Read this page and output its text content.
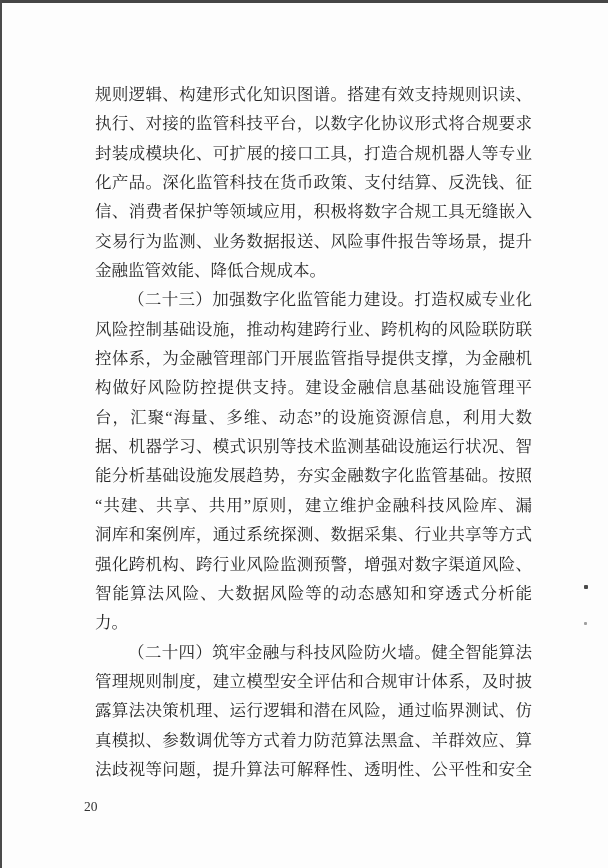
规则逻辑、构建形式化知识图谱。搭建有效支持规则识读、
执行、对接的监管科技平台，以数字化协议形式将合规要求
封装成模块化、可扩展的接口工具，打造合规机器人等专业
化产品。深化监管科技在货币政策、支付结算、反洗钱、征
信、消费者保护等领域应用，积极将数字合规工具无缝嵌入
交易行为监测、业务数据报送、风险事件报告等场景，提升
金融监管效能、降低合规成本。
（二十三）加强数字化监管能力建设。打造权威专业化
风险控制基础设施，推动构建跨行业、跨机构的风险联防联
控体系，为金融管理部门开展监管指导提供支撑，为金融机
构做好风险防控提供支持。建设金融信息基础设施管理平
台，汇聚“海量、多维、动态”的设施资源信息，利用大数
据、机器学习、模式识别等技术监测基础设施运行状况、智
能分析基础设施发展趋势，夯实金融数字化监管基础。按照
“共建、共享、共用”原则，建立维护金融科技风险库、漏
洞库和案例库，通过系统探测、数据采集、行业共享等方式
强化跨机构、跨行业风险监测预警，增强对数字渠道风险、
智能算法风险、大数据风险等的动态感知和穿透式分析能
力。
（二十四）筑牢金融与科技风险防火墙。健全智能算法
管理规则制度，建立模型安全评估和合规审计体系，及时披
露算法决策机理、运行逻辑和潜在风险，通过临界测试、仿
真模拟、参数调优等方式着力防范算法黑盒、羊群效应、算
法歧视等问题，提升算法可解释性、透明性、公平性和安全
20
